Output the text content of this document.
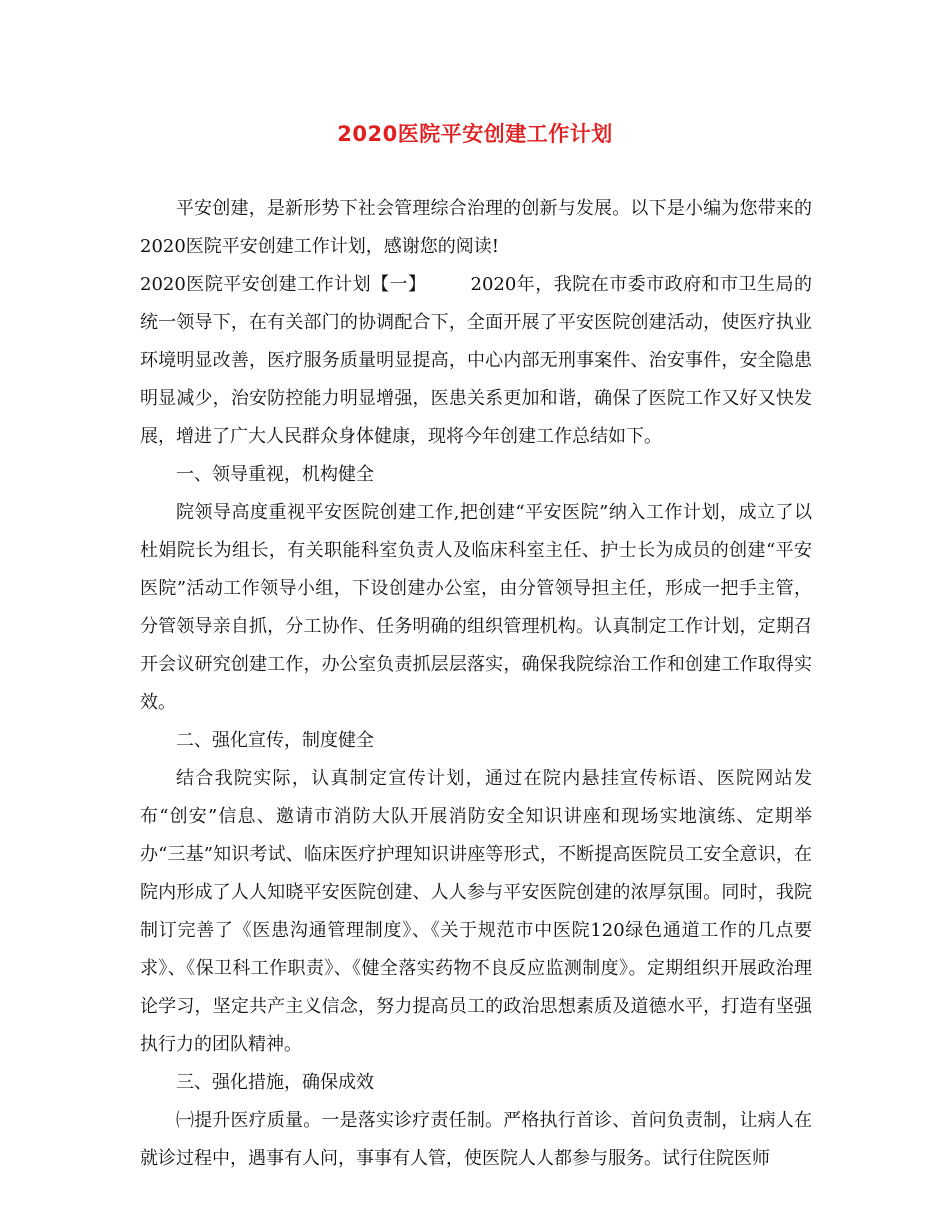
2020医院平安创建工作计划

平安创建，是新形势下社会管理综合治理的创新与发展。以下是小编为您带来的2020医院平安创建工作计划，感谢您的阅读!

2020医院平安创建工作计划【一】 2020年，我院在市委市政府和市卫生局的统一领导下，在有关部门的协调配合下，全面开展了平安医院创建活动，使医疗执业环境明显改善，医疗服务质量明显提高，中心内部无刑事案件、治安事件，安全隐患明显减少，治安防控能力明显增强，医患关系更加和谐，确保了医院工作又好又快发展，增进了广大人民群众身体健康，现将今年创建工作总结如下。

一、领导重视，机构健全

院领导高度重视平安医院创建工作,把创建“平安医院”纳入工作计划，成立了以杜娟院长为组长，有关职能科室负责人及临床科室主任、护士长为成员的创建“平安医院”活动工作领导小组，下设创建办公室，由分管领导担主任，形成一把手主管，分管领导亲自抓，分工协作、任务明确的组织管理机构。认真制定工作计划，定期召开会议研究创建工作，办公室负责抓层层落实，确保我院综治工作和创建工作取得实效。

二、强化宣传，制度健全

结合我院实际，认真制定宣传计划，通过在院内悬挂宣传标语、医院网站发布“创安”信息、邀请市消防大队开展消防安全知识讲座和现场实地演练、定期举办“三基”知识考试、临床医疗护理知识讲座等形式，不断提高医院员工安全意识，在院内形成了人人知晓平安医院创建、人人参与平安医院创建的浓厚氛围。同时，我院制订完善了《医患沟通管理制度》、《关于规范市中医院120绿色通道工作的几点要求》、《保卫科工作职责》、《健全落实药物不良反应监测制度》。定期组织开展政治理论学习，坚定共产主义信念，努力提高员工的政治思想素质及道德水平，打造有坚强执行力的团队精神。

三、强化措施，确保成效

㈠提升医疗质量。一是落实诊疗责任制。严格执行首诊、首问负责制，让病人在就诊过程中，遇事有人问，事事有人管，使医院人人都参与服务。试行住院医师
